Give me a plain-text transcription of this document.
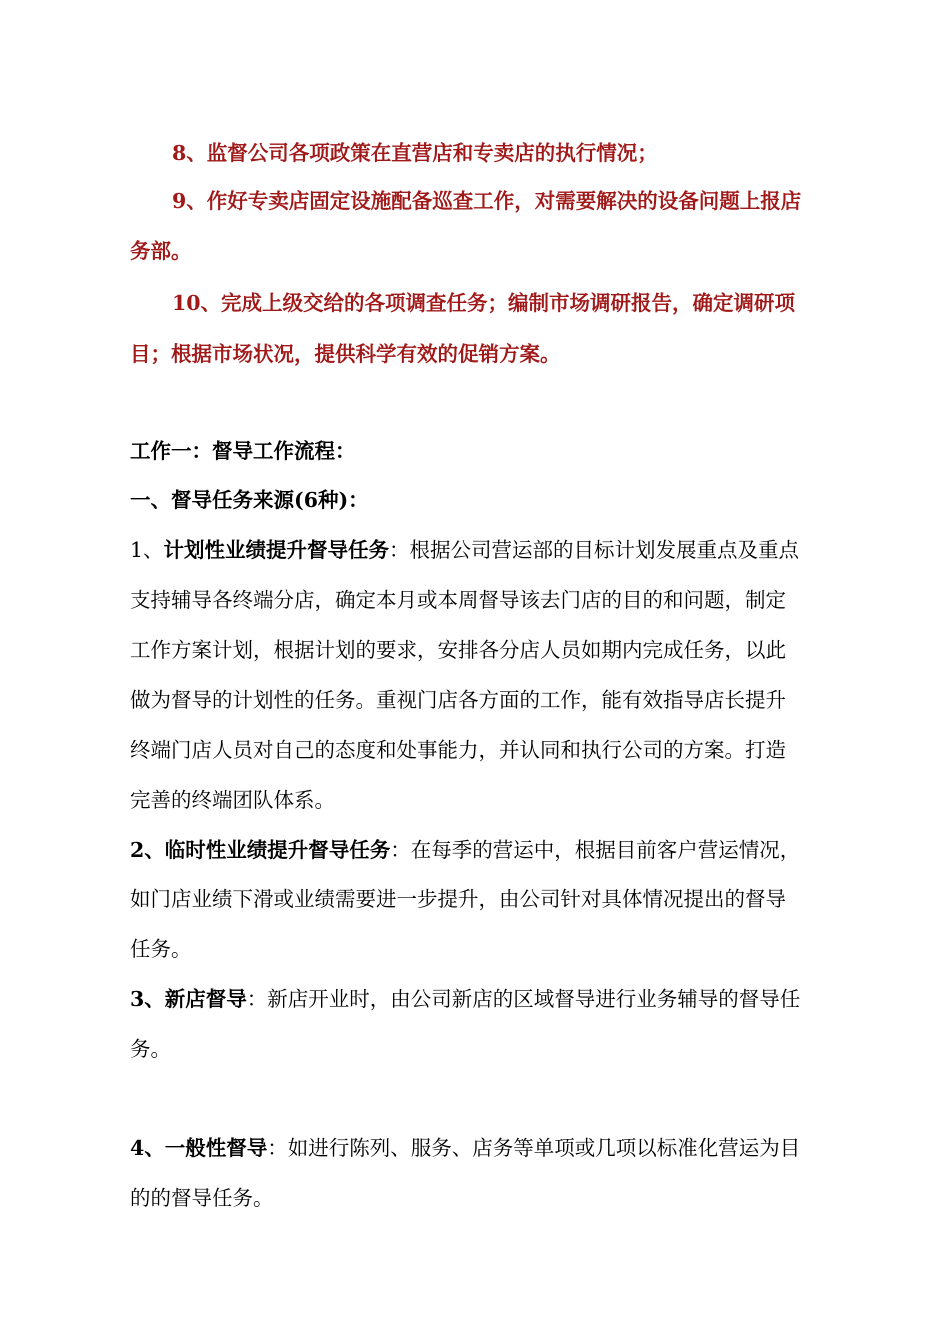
8、监督公司各项政策在直营店和专卖店的执行情况；
9、作好专卖店固定设施配备巡查工作，对需要解决的设备问题上报店
务部。
10、完成上级交给的各项调查任务；编制市场调研报告，确定调研项
目；根据市场状况，提供科学有效的促销方案。
工作一：督导工作流程：
一、督导任务来源(6种)：
1、计划性业绩提升督导任务：根据公司营运部的目标计划发展重点及重点
支持辅导各终端分店，确定本月或本周督导该去门店的目的和问题，制定
工作方案计划，根据计划的要求，安排各分店人员如期内完成任务，以此
做为督导的计划性的任务。重视门店各方面的工作，能有效指导店长提升
终端门店人员对自己的态度和处事能力，并认同和执行公司的方案。打造
完善的终端团队体系。
2、临时性业绩提升督导任务：在每季的营运中，根据目前客户营运情况，
如门店业绩下滑或业绩需要进一步提升，由公司针对具体情况提出的督导
任务。
3、新店督导：新店开业时，由公司新店的区域督导进行业务辅导的督导任
务。
4、一般性督导：如进行陈列、服务、店务等单项或几项以标准化营运为目
的的督导任务。
